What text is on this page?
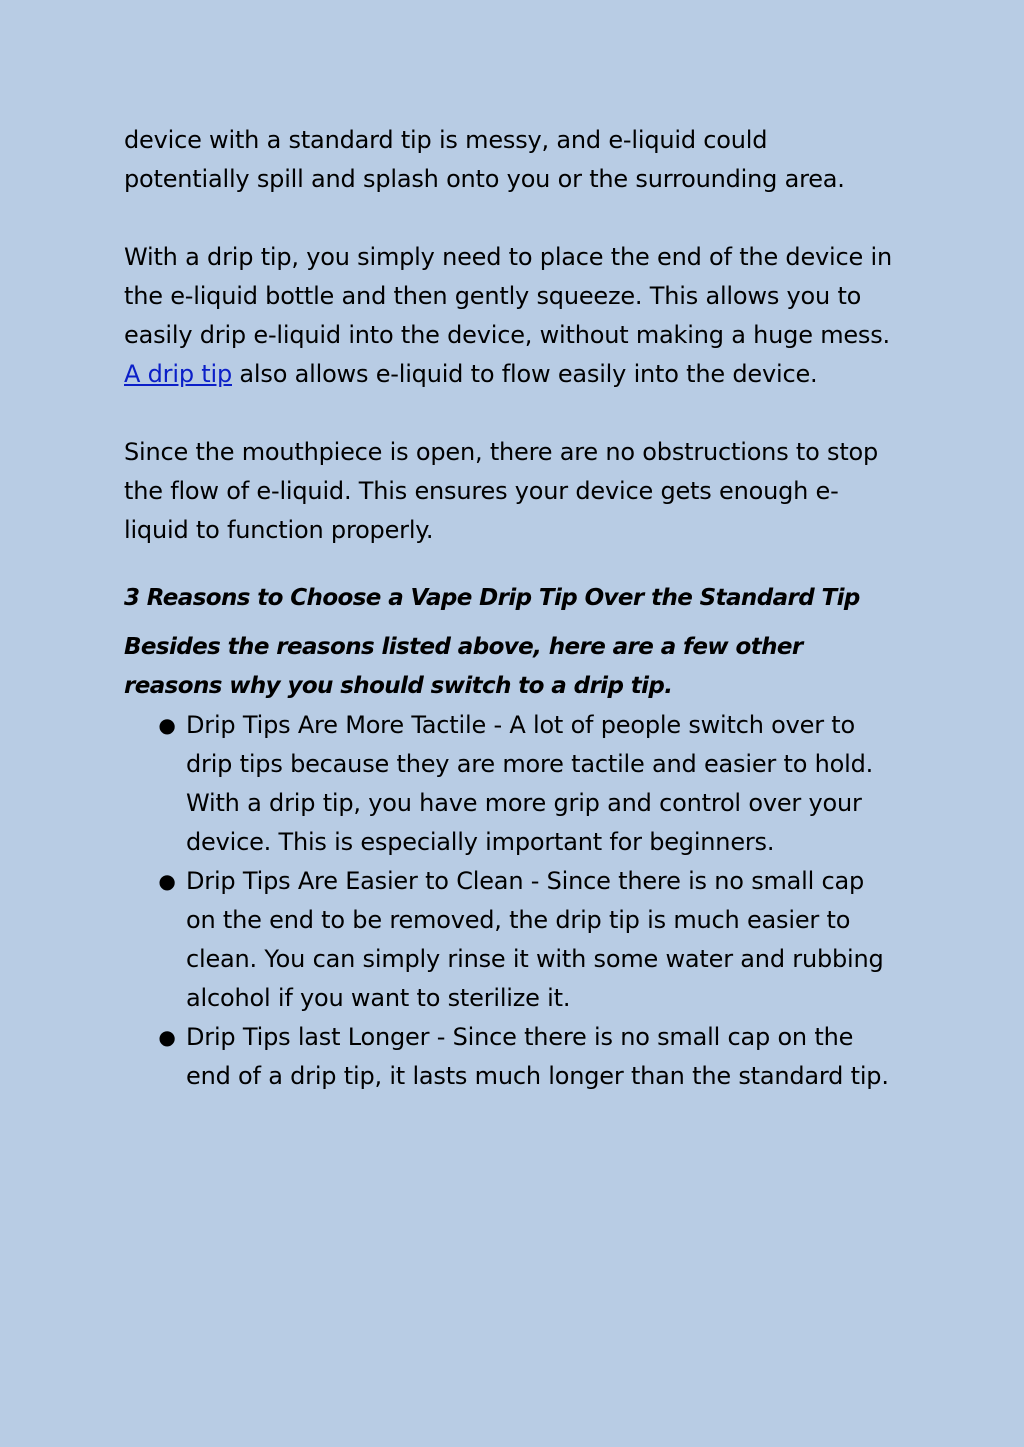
device with a standard tip is messy, and e-liquid could potentially spill and splash onto you or the surrounding area.

With a drip tip, you simply need to place the end of the device in the e-liquid bottle and then gently squeeze. This allows you to easily drip e-liquid into the device, without making a huge mess. A drip tip also allows e-liquid to flow easily into the device.

Since the mouthpiece is open, there are no obstructions to stop the flow of e-liquid. This ensures your device gets enough e-liquid to function properly.

3 Reasons to Choose a Vape Drip Tip Over the Standard Tip

Besides the reasons listed above, here are a few other reasons why you should switch to a drip tip.

● Drip Tips Are More Tactile - A lot of people switch over to drip tips because they are more tactile and easier to hold. With a drip tip, you have more grip and control over your device. This is especially important for beginners.
● Drip Tips Are Easier to Clean - Since there is no small cap on the end to be removed, the drip tip is much easier to clean. You can simply rinse it with some water and rubbing alcohol if you want to sterilize it.
● Drip Tips last Longer - Since there is no small cap on the end of a drip tip, it lasts much longer than the standard tip.
